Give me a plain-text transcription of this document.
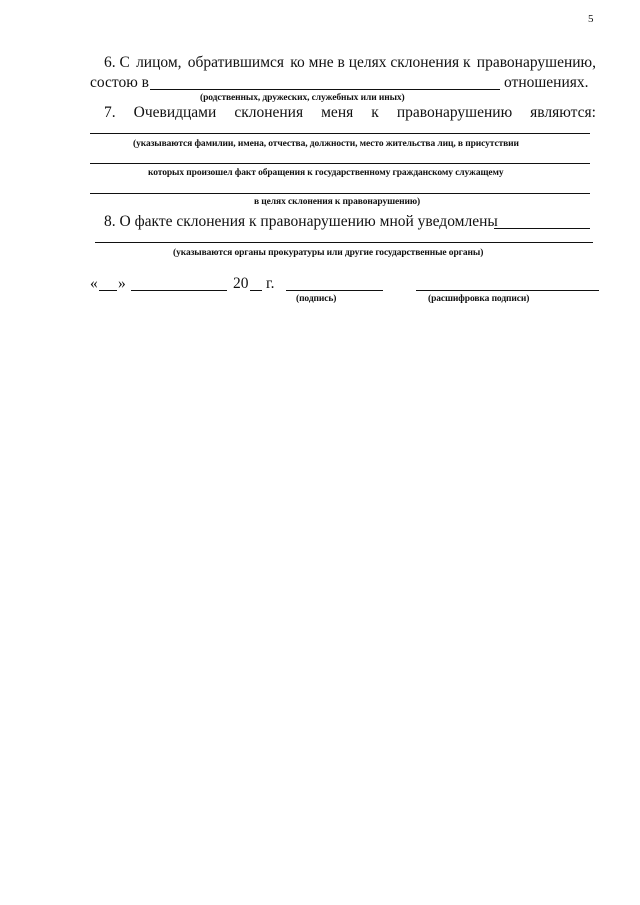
5
6. С лицом, обратившимся ко мне в целях склонения к правонарушению,
состою в	отношениях.
(родственных, дружеских, служебных или иных)
7. Очевидцами склонения меня к правонарушению являются:
(указываются фамилии, имена, отчества, должности, место жительства лиц, в присутствии
которых произошел факт обращения к государственному гражданскому служащему
в целях склонения к правонарушению)
8. О факте склонения к правонарушению мной уведомлены
(указываются органы прокуратуры или другие государственные органы)
« »	20 г.
(подпись)	(расшифровка подписи)
